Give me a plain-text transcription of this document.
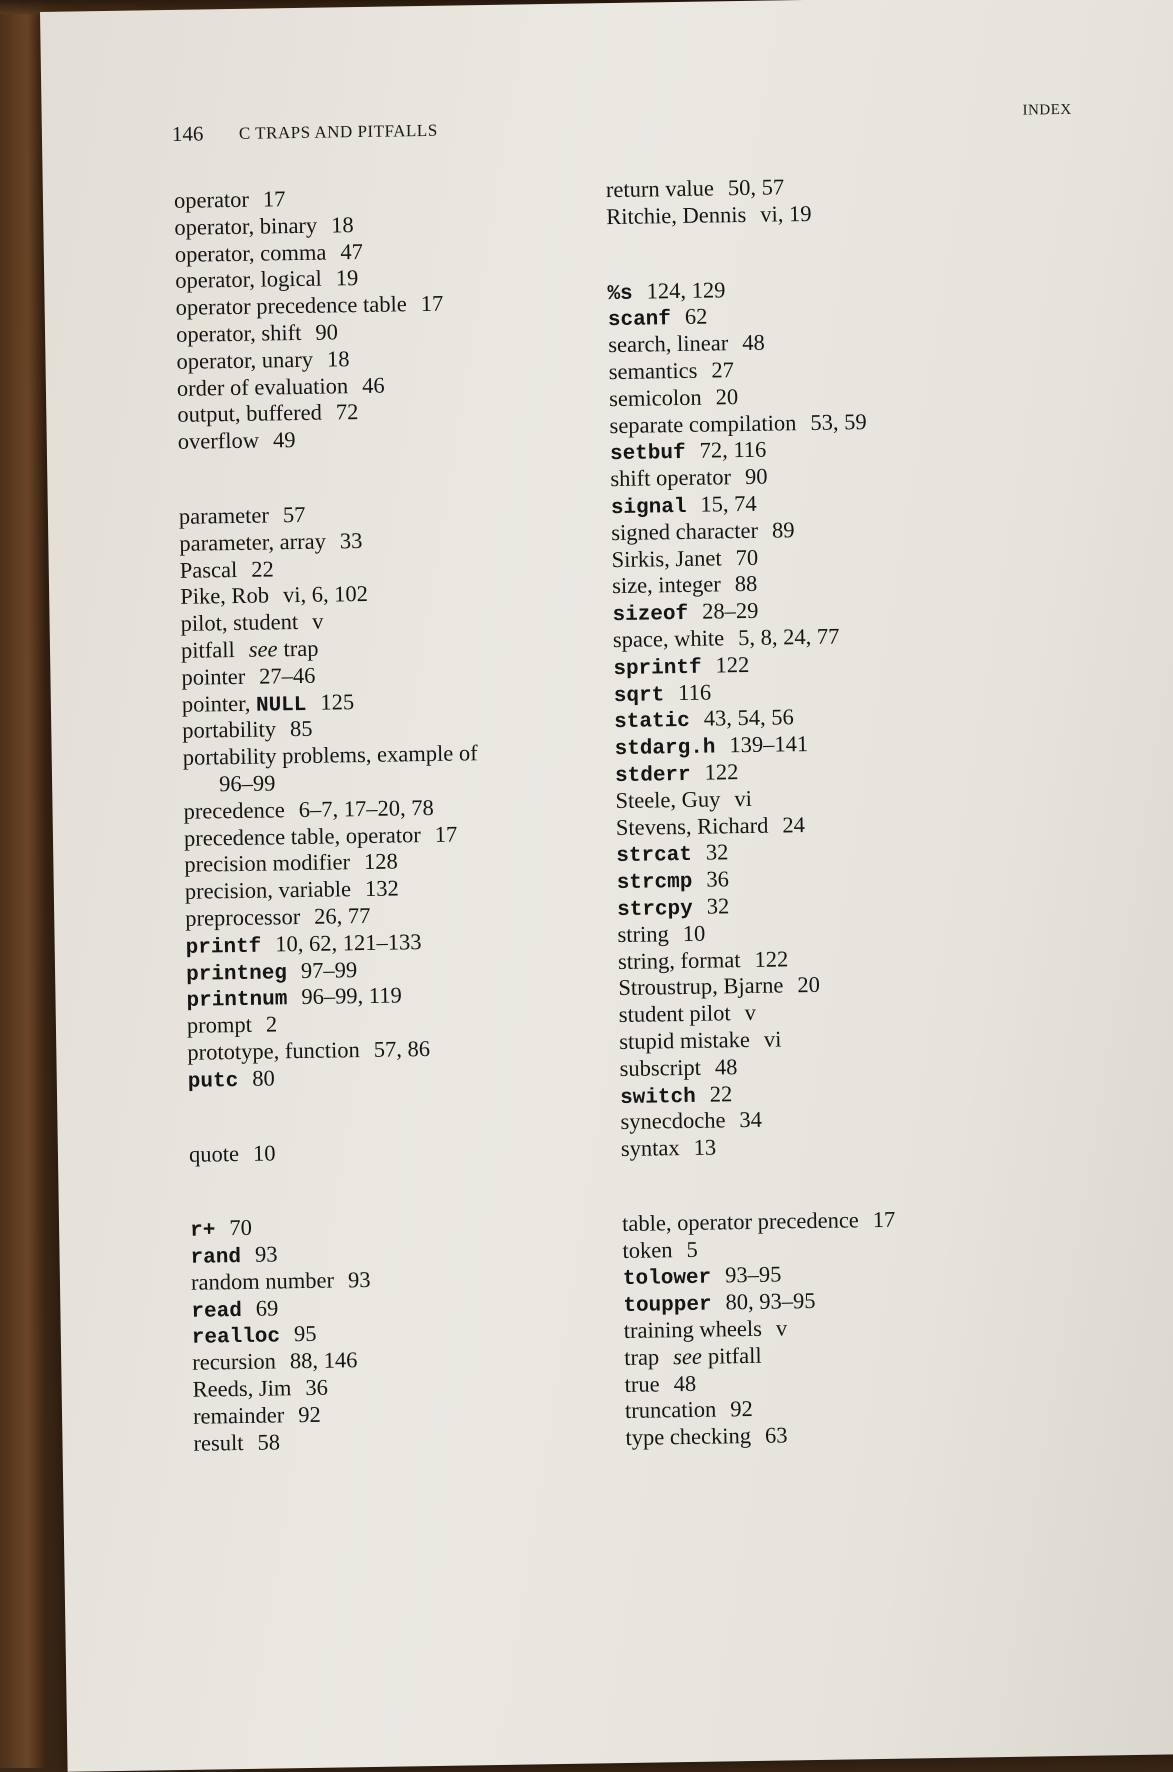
146 C TRAPS AND PITFALLS
INDEX
operator 17
operator, binary 18
operator, comma 47
operator, logical 19
operator precedence table 17
operator, shift 90
operator, unary 18
order of evaluation 46
output, buffered 72
overflow 49
parameter 57
parameter, array 33
Pascal 22
Pike, Rob vi, 6, 102
pilot, student v
pitfall see trap
pointer 27–46
pointer, NULL 125
portability 85
portability problems, example of
96–99
precedence 6–7, 17–20, 78
precedence table, operator 17
precision modifier 128
precision, variable 132
preprocessor 26, 77
printf 10, 62, 121–133
printneg 97–99
printnum 96–99, 119
prompt 2
prototype, function 57, 86
putc 80
quote 10
r+ 70
rand 93
random number 93
read 69
realloc 95
recursion 88, 146
Reeds, Jim 36
remainder 92
result 58
return value 50, 57
Ritchie, Dennis vi, 19
%s 124, 129
scanf 62
search, linear 48
semantics 27
semicolon 20
separate compilation 53, 59
setbuf 72, 116
shift operator 90
signal 15, 74
signed character 89
Sirkis, Janet 70
size, integer 88
sizeof 28–29
space, white 5, 8, 24, 77
sprintf 122
sqrt 116
static 43, 54, 56
stdarg.h 139–141
stderr 122
Steele, Guy vi
Stevens, Richard 24
strcat 32
strcmp 36
strcpy 32
string 10
string, format 122
Stroustrup, Bjarne 20
student pilot v
stupid mistake vi
subscript 48
switch 22
synecdoche 34
syntax 13
table, operator precedence 17
token 5
tolower 93–95
toupper 80, 93–95
training wheels v
trap see pitfall
true 48
truncation 92
type checking 63
